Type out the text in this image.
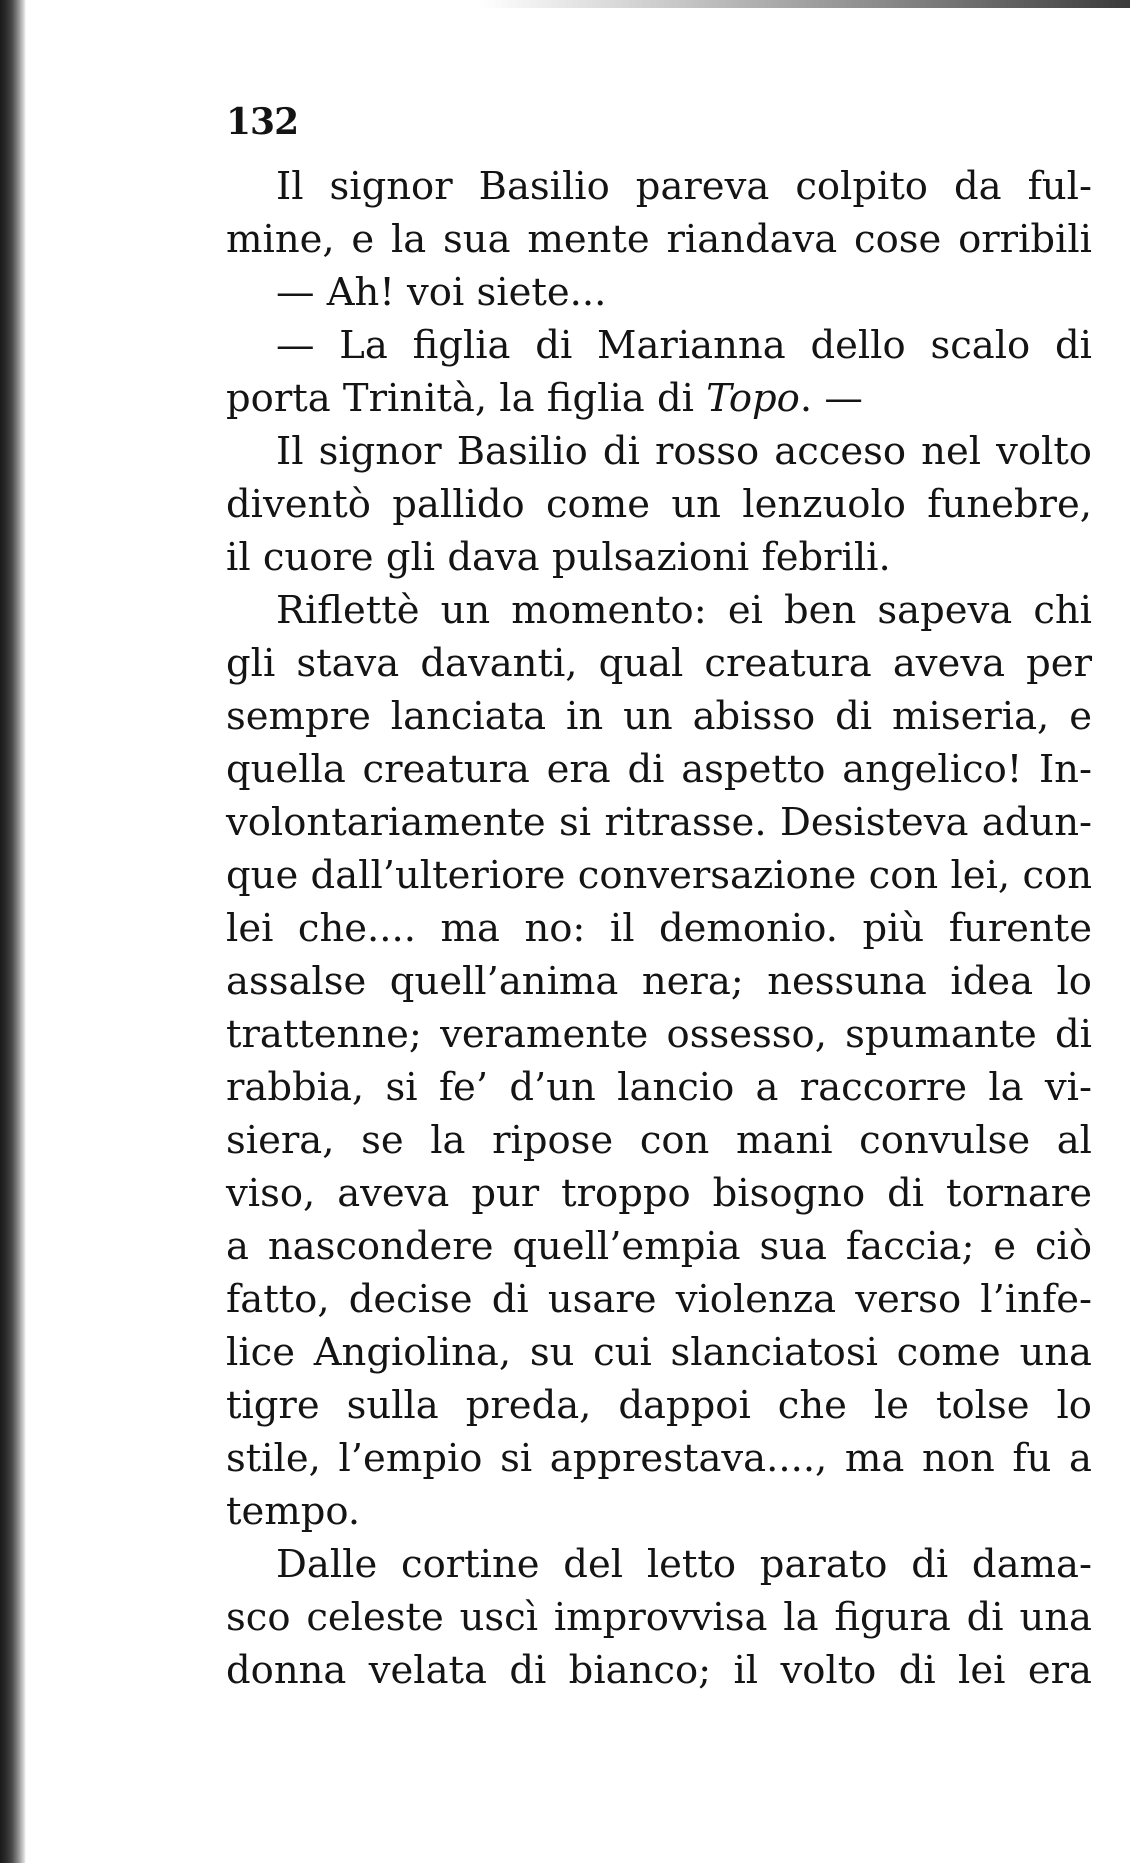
132
Il signor Basilio pareva colpito da ful-
mine, e la sua mente riandava cose orribili
— Ah! voi siete...
— La figlia di Marianna dello scalo di
porta Trinità, la figlia di Topo. —
Il signor Basilio di rosso acceso nel volto
diventò pallido come un lenzuolo funebre,
il cuore gli dava pulsazioni febrili.
Riflettè un momento: ei ben sapeva chi
gli stava davanti, qual creatura aveva per
sempre lanciata in un abisso di miseria, e
quella creatura era di aspetto angelico! In-
volontariamente si ritrasse. Desisteva adun-
que dall’ulteriore conversazione con lei, con
lei che.... ma no: il demonio. più furente
assalse quell’anima nera; nessuna idea lo
trattenne; veramente ossesso, spumante di
rabbia, si fe’ d’un lancio a raccorre la vi-
siera, se la ripose con mani convulse al
viso, aveva pur troppo bisogno di tornare
a nascondere quell’empia sua faccia; e ciò
fatto, decise di usare violenza verso l’infe-
lice Angiolina, su cui slanciatosi come una
tigre sulla preda, dappoi che le tolse lo
stile, l’empio si apprestava...., ma non fu a
tempo.
Dalle cortine del letto parato di dama-
sco celeste uscì improvvisa la figura di una
donna velata di bianco; il volto di lei era
